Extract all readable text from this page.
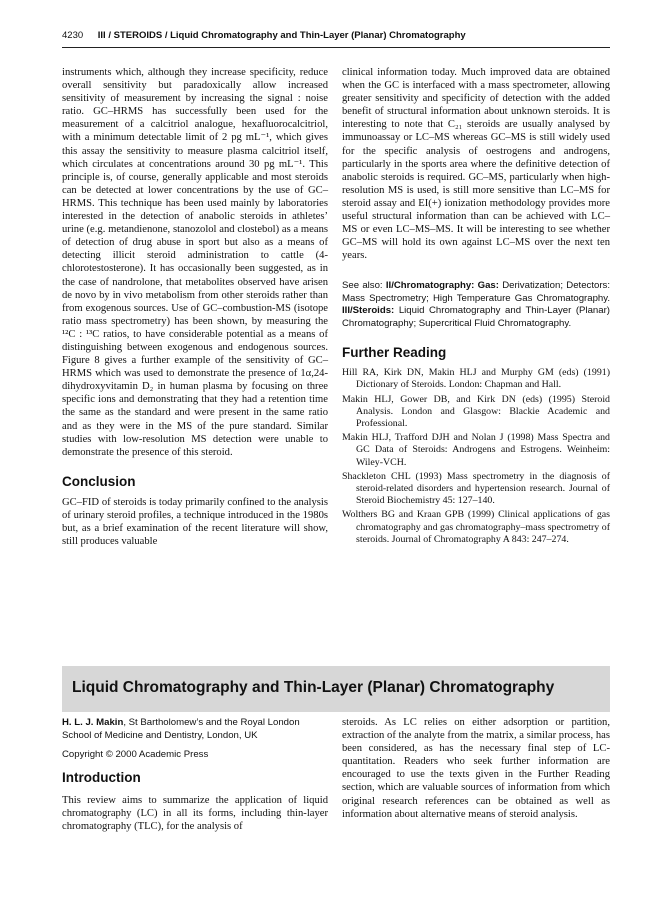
4230 III / STEROIDS / Liquid Chromatography and Thin-Layer (Planar) Chromatography

instruments which, although they increase specificity, reduce overall sensitivity but paradoxically allow increased sensitivity of measurement by increasing the signal : noise ratio. GC–HRMS has successfully been used for the measurement of a calcitriol analogue, hexafluorocalcitriol, with a minimum detectable limit of 2 pg mL⁻¹, which gives this assay the sensitivity to measure plasma calcitriol itself, which circulates at concentrations around 30 pg mL⁻¹. This principle is, of course, generally applicable and most steroids can be detected at lower concentrations by the use of GC–HRMS. This technique has been used mainly by laboratories interested in the detection of anabolic steroids in athletes’ urine (e.g. metandienone, stanozolol and clostebol) as a means of detection of drug abuse in sport but also as a means of detecting illicit steroid administration to cattle (4-chlorotestosterone). It has occasionally been suggested, as in the case of nandrolone, that metabolites observed have arisen de novo by in vivo metabolism from other steroids rather than from exogenous sources. Use of GC–combustion-MS (isotope ratio mass spectrometry) has been shown, by measuring the ¹²C : ¹³C ratios, to have considerable potential as a means of distinguishing between exogenous and endogenous sources. Figure 8 gives a further example of the sensitivity of GC–HRMS which was used to demonstrate the presence of 1α,24-dihydroxyvitamin D₂ in human plasma by focusing on three specific ions and demonstrating that they had a retention time the same as the standard and were present in the same ratio and as they were in the MS of the pure standard. Similar studies with low-resolution MS detection were unable to demonstrate the presence of this steroid.

Conclusion

GC–FID of steroids is today primarily confined to the analysis of urinary steroid profiles, a technique introduced in the 1980s but, as a brief examination of the recent literature will show, still produces valuable

clinical information today. Much improved data are obtained when the GC is interfaced with a mass spectrometer, allowing greater sensitivity and specificity of detection with the added benefit of structural information about unknown steroids. It is interesting to note that C₂₁ steroids are usually analysed by immunoassay or LC–MS whereas GC–MS is still widely used for the specific analysis of oestrogens and androgens, particularly in the sports area where the definitive detection of anabolic steroids is required. GC–MS, particularly when high-resolution MS is used, is still more sensitive than LC–MS for steroid assay and EI(+) ionization methodology provides more useful structural information than can be achieved with LC–MS or even LC–MS–MS. It will be interesting to see whether GC–MS will hold its own against LC–MS over the next ten years.

See also: II/Chromatography: Gas: Derivatization; Detectors: Mass Spectrometry; High Temperature Gas Chromatography. III/Steroids: Liquid Chromatography and Thin-Layer (Planar) Chromatography; Supercritical Fluid Chromatography.

Further Reading

Hill RA, Kirk DN, Makin HLJ and Murphy GM (eds) (1991) Dictionary of Steroids. London: Chapman and Hall.

Makin HLJ, Gower DB, and Kirk DN (eds) (1995) Steroid Analysis. London and Glasgow: Blackie Academic and Professional.

Makin HLJ, Trafford DJH and Nolan J (1998) Mass Spectra and GC Data of Steroids: Androgens and Estrogens. Weinheim: Wiley-VCH.

Shackleton CHL (1993) Mass spectrometry in the diagnosis of steroid-related disorders and hypertension research. Journal of Steroid Biochemistry 45: 127–140.

Wolthers BG and Kraan GPB (1999) Clinical applications of gas chromatography and gas chromatography–mass spectrometry of steroids. Journal of Chromatography A 843: 247–274.

Liquid Chromatography and Thin-Layer (Planar) Chromatography

H. L. J. Makin, St Bartholomew’s and the Royal London School of Medicine and Dentistry, London, UK

Copyright © 2000 Academic Press

Introduction

This review aims to summarize the application of liquid chromatography (LC) in all its forms, including thin-layer chromatography (TLC), for the analysis of

steroids. As LC relies on either adsorption or partition, extraction of the analyte from the matrix, a similar process, has been considered, as has the necessary final step of LC-quantitation. Readers who seek further information are encouraged to use the texts given in the Further Reading section, which are valuable sources of information from which original research references can be obtained as well as information about alternative means of steroid analysis.
